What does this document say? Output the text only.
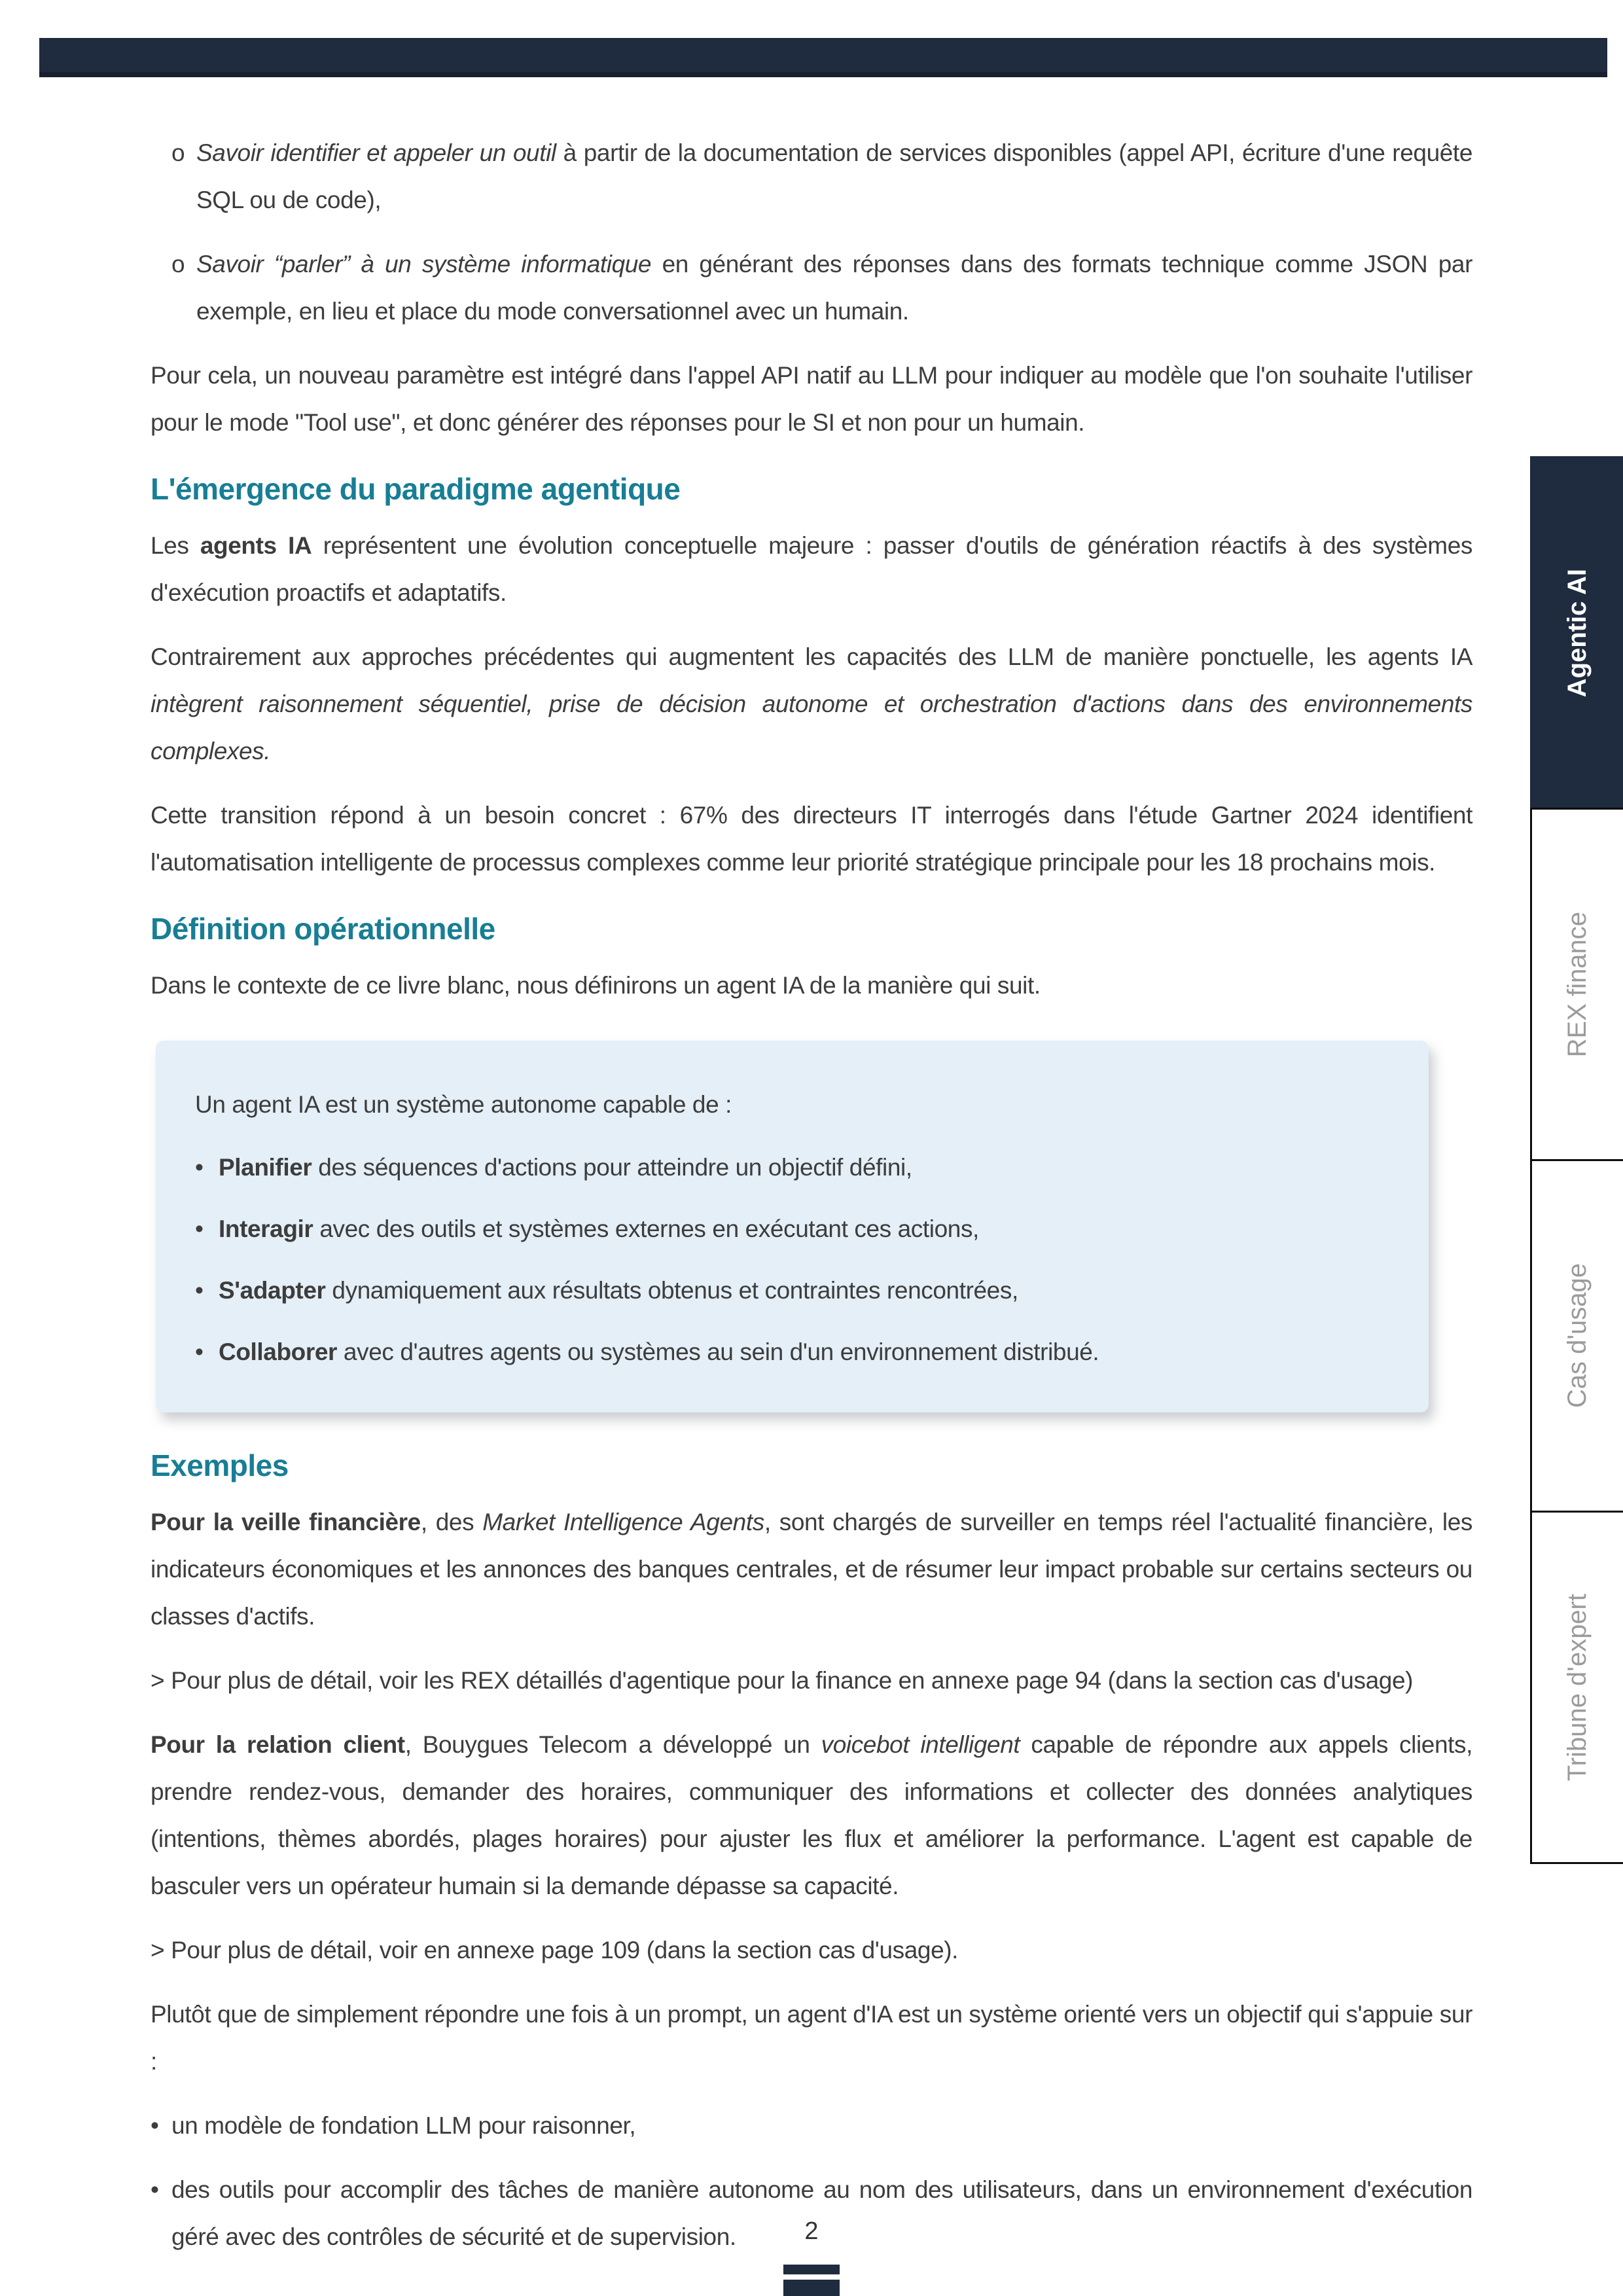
o Savoir identifier et appeler un outil à partir de la documentation de services disponibles (appel API, écriture d'une requête SQL ou de code),

o Savoir “parler” à un système informatique en générant des réponses dans des formats technique comme JSON par exemple, en lieu et place du mode conversationnel avec un humain.

Pour cela, un nouveau paramètre est intégré dans l'appel API natif au LLM pour indiquer au modèle que l'on souhaite l'utiliser pour le mode "Tool use", et donc générer des réponses pour le SI et non pour un humain.

L'émergence du paradigme agentique

Les agents IA représentent une évolution conceptuelle majeure : passer d'outils de génération réactifs à des systèmes d'exécution proactifs et adaptatifs.

Contrairement aux approches précédentes qui augmentent les capacités des LLM de manière ponctuelle, les agents IA intègrent raisonnement séquentiel, prise de décision autonome et orchestration d'actions dans des environnements complexes.

Cette transition répond à un besoin concret : 67% des directeurs IT interrogés dans l'étude Gartner 2024 identifient l'automatisation intelligente de processus complexes comme leur priorité stratégique principale pour les 18 prochains mois.

Définition opérationnelle

Dans le contexte de ce livre blanc, nous définirons un agent IA de la manière qui suit.

Un agent IA est un système autonome capable de :

• Planifier des séquences d'actions pour atteindre un objectif défini,

• Interagir avec des outils et systèmes externes en exécutant ces actions,

• S'adapter dynamiquement aux résultats obtenus et contraintes rencontrées,

• Collaborer avec d'autres agents ou systèmes au sein d'un environnement distribué.

Exemples

Pour la veille financière, des Market Intelligence Agents, sont chargés de surveiller en temps réel l'actualité financière, les indicateurs économiques et les annonces des banques centrales, et de résumer leur impact probable sur certains secteurs ou classes d'actifs.

> Pour plus de détail, voir les REX détaillés d'agentique pour la finance en annexe page 94 (dans la section cas d'usage)

Pour la relation client, Bouygues Telecom a développé un voicebot intelligent capable de répondre aux appels clients, prendre rendez-vous, demander des horaires, communiquer des informations et collecter des données analytiques (intentions, thèmes abordés, plages horaires) pour ajuster les flux et améliorer la performance. L'agent est capable de basculer vers un opérateur humain si la demande dépasse sa capacité.

> Pour plus de détail, voir en annexe page 109 (dans la section cas d'usage).

Plutôt que de simplement répondre une fois à un prompt, un agent d'IA est un système orienté vers un objectif qui s'appuie sur :

• un modèle de fondation LLM pour raisonner,

• des outils pour accomplir des tâches de manière autonome au nom des utilisateurs, dans un environnement d'exécution géré avec des contrôles de sécurité et de supervision.

Agentic AI
REX finance
Cas d'usage
Tribune d'expert
2
